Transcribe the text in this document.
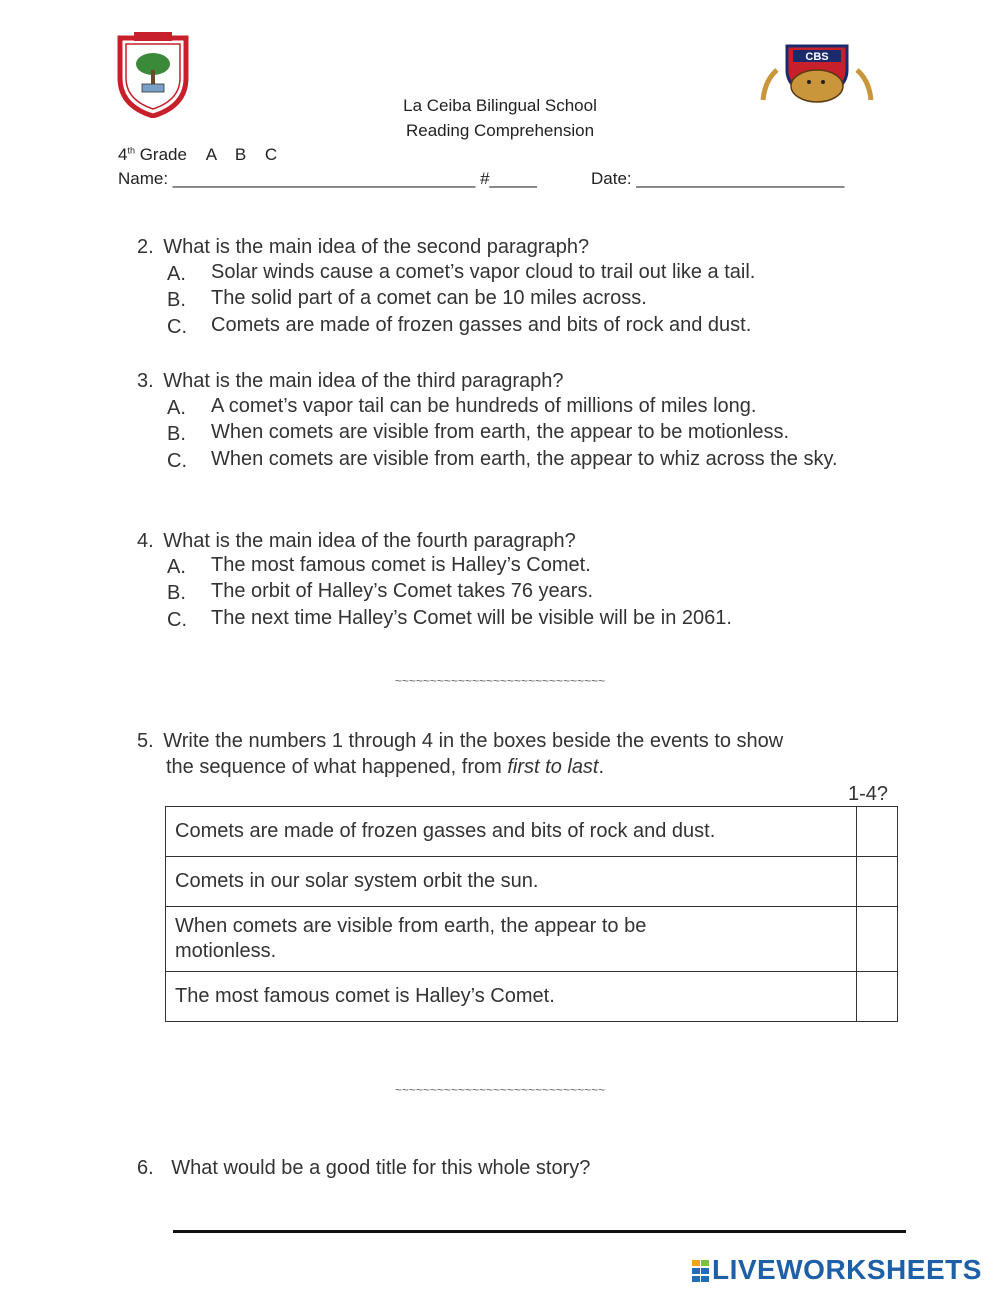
CBS
La Ceiba Bilingual School
Reading Comprehension
4th Grade A B C
Name: ________________________________ #_____	Date: ______________________
2. What is the main idea of the second paragraph?
A. Solar winds cause a comet’s vapor cloud to trail out like a tail.
B. The solid part of a comet can be 10 miles across.
C. Comets are made of frozen gasses and bits of rock and dust.
3. What is the main idea of the third paragraph?
A. A comet’s vapor tail can be hundreds of millions of miles long.
B. When comets are visible from earth, the appear to be motionless.
C. When comets are visible from earth, the appear to whiz across the sky.
4. What is the main idea of the fourth paragraph?
A. The most famous comet is Halley’s Comet.
B. The orbit of Halley’s Comet takes 76 years.
C. The next time Halley’s Comet will be visible will be in 2061.
~~~~~~~~~~~~~~~~~~~~~~~~~~~~~~
5. Write the numbers 1 through 4 in the boxes beside the events to show
the sequence of what happened, from first to last.
1-4?
Comets are made of frozen gasses and bits of rock and dust.	
Comets in our solar system orbit the sun.	
When comets are visible from earth, the appear to be motionless.	
The most famous comet is Halley’s Comet.	
~~~~~~~~~~~~~~~~~~~~~~~~~~~~~~
6. What would be a good title for this whole story?
LIVEWORKSHEETS
